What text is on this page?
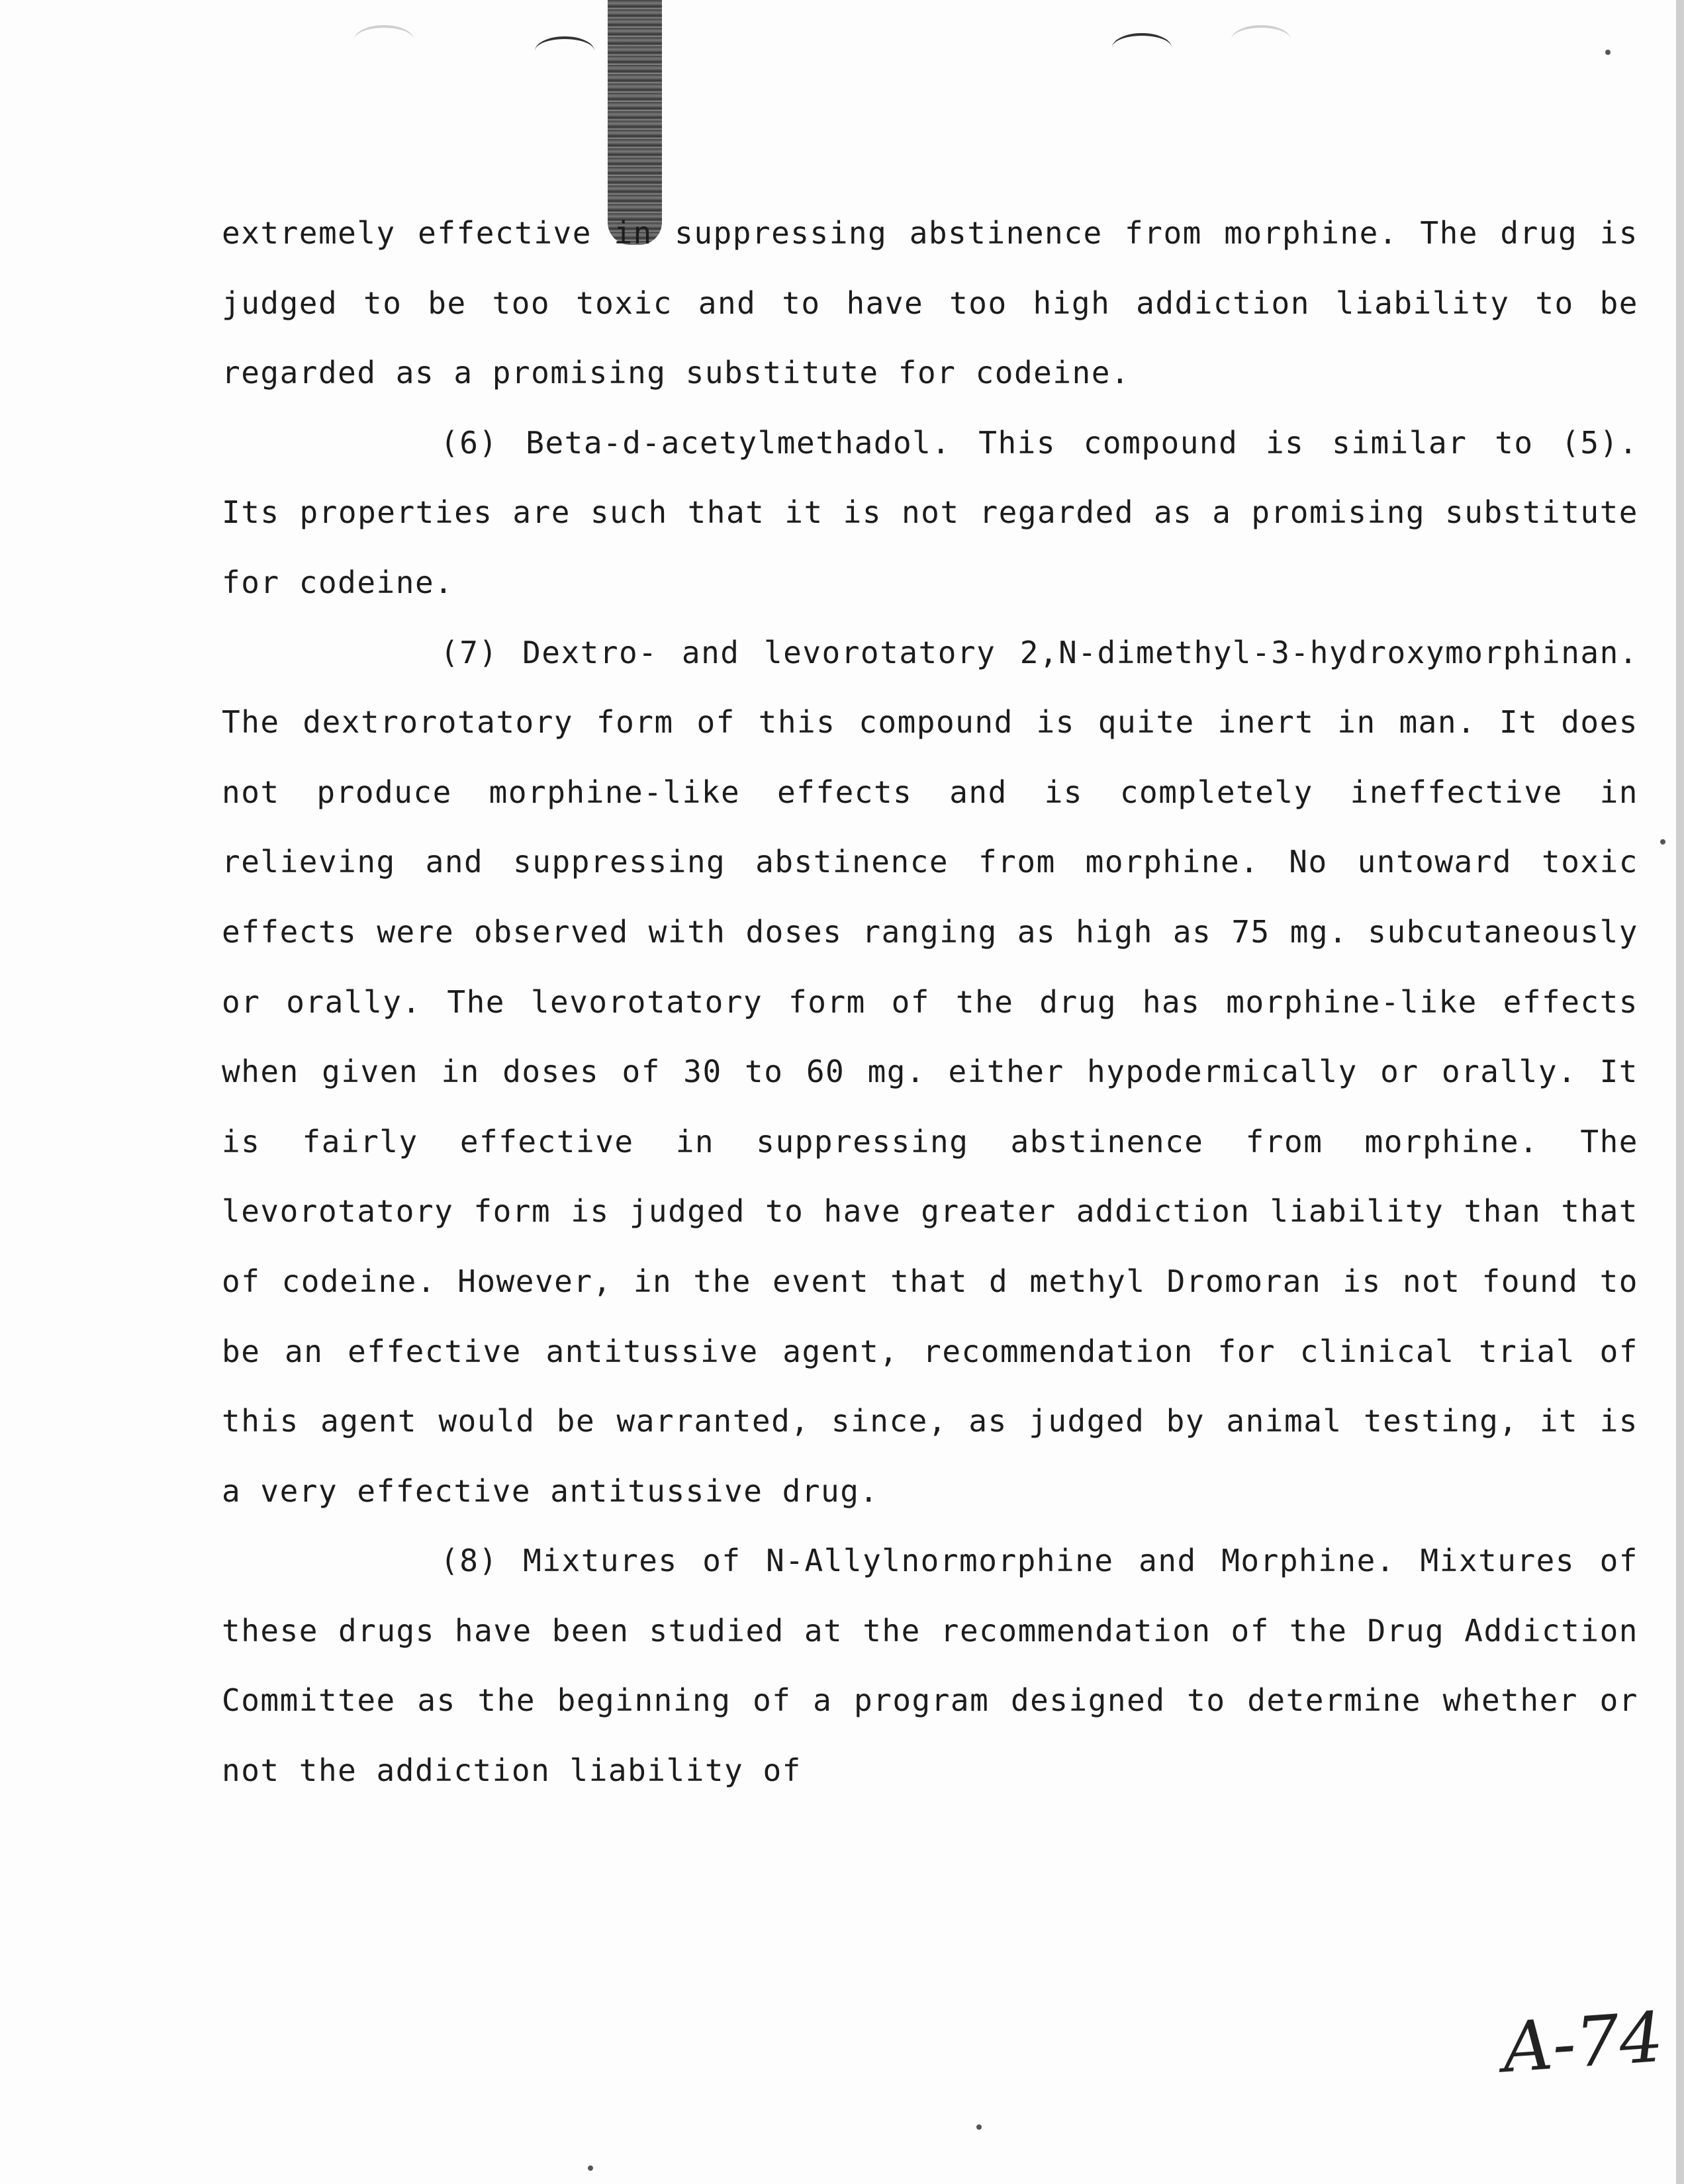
extremely effective in suppressing abstinence from morphine. The drug is judged to be too toxic and to have too high addiction liability to be regarded as a promising substitute for codeine.

(6) Beta-d-acetylmethadol. This compound is similar to (5). Its properties are such that it is not regarded as a promising substitute for codeine.

(7) Dextro- and levorotatory 2,N-dimethyl-3-hydroxymorphinan. The dextrorotatory form of this compound is quite inert in man. It does not produce morphine-like effects and is completely ineffective in relieving and suppressing abstinence from morphine. No untoward toxic effects were observed with doses ranging as high as 75 mg. subcutaneously or orally. The levorotatory form of the drug has morphine-like effects when given in doses of 30 to 60 mg. either hypodermically or orally. It is fairly effective in suppressing abstinence from morphine. The levorotatory form is judged to have greater addiction liability than that of codeine. However, in the event that d methyl Dromoran is not found to be an effective antitussive agent, recommendation for clinical trial of this agent would be warranted, since, as judged by animal testing, it is a very effective antitussive drug.

(8) Mixtures of N-Allylnormorphine and Morphine. Mixtures of these drugs have been studied at the recommendation of the Drug Addiction Committee as the beginning of a program designed to determine whether or not the addiction liability of

A-74
